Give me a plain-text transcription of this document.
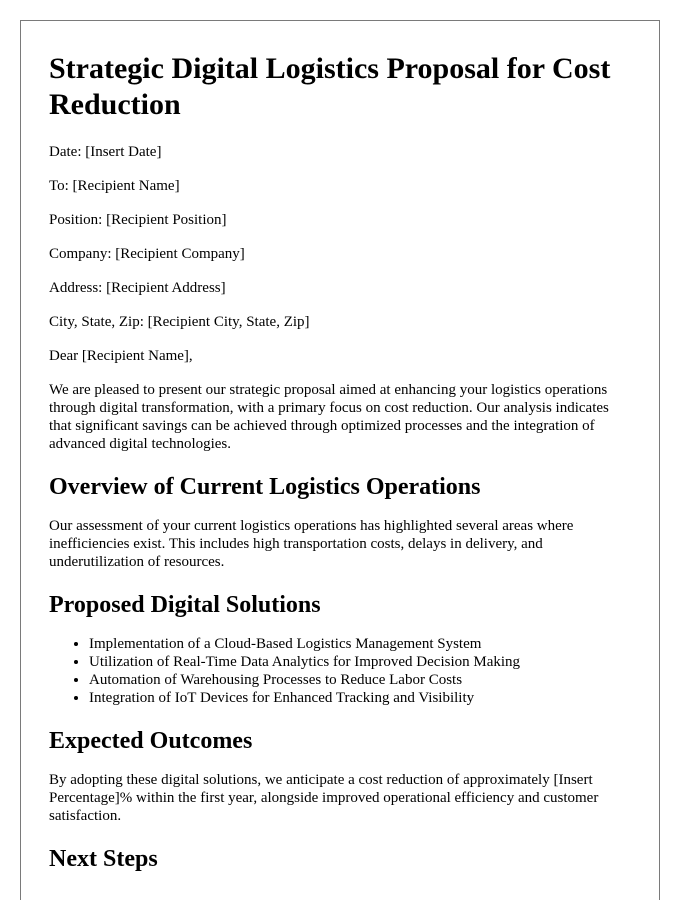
Strategic Digital Logistics Proposal for Cost Reduction

Date: [Insert Date]

To: [Recipient Name]

Position: [Recipient Position]

Company: [Recipient Company]

Address: [Recipient Address]

City, State, Zip: [Recipient City, State, Zip]

Dear [Recipient Name],

We are pleased to present our strategic proposal aimed at enhancing your logistics operations through digital transformation, with a primary focus on cost reduction. Our analysis indicates that significant savings can be achieved through optimized processes and the integration of advanced digital technologies.

Overview of Current Logistics Operations

Our assessment of your current logistics operations has highlighted several areas where inefficiencies exist. This includes high transportation costs, delays in delivery, and underutilization of resources.

Proposed Digital Solutions
• Implementation of a Cloud-Based Logistics Management System
• Utilization of Real-Time Data Analytics for Improved Decision Making
• Automation of Warehousing Processes to Reduce Labor Costs
• Integration of IoT Devices for Enhanced Tracking and Visibility
Expected Outcomes

By adopting these digital solutions, we anticipate a cost reduction of approximately [Insert Percentage]% within the first year, alongside improved operational efficiency and customer satisfaction.

Next Steps
